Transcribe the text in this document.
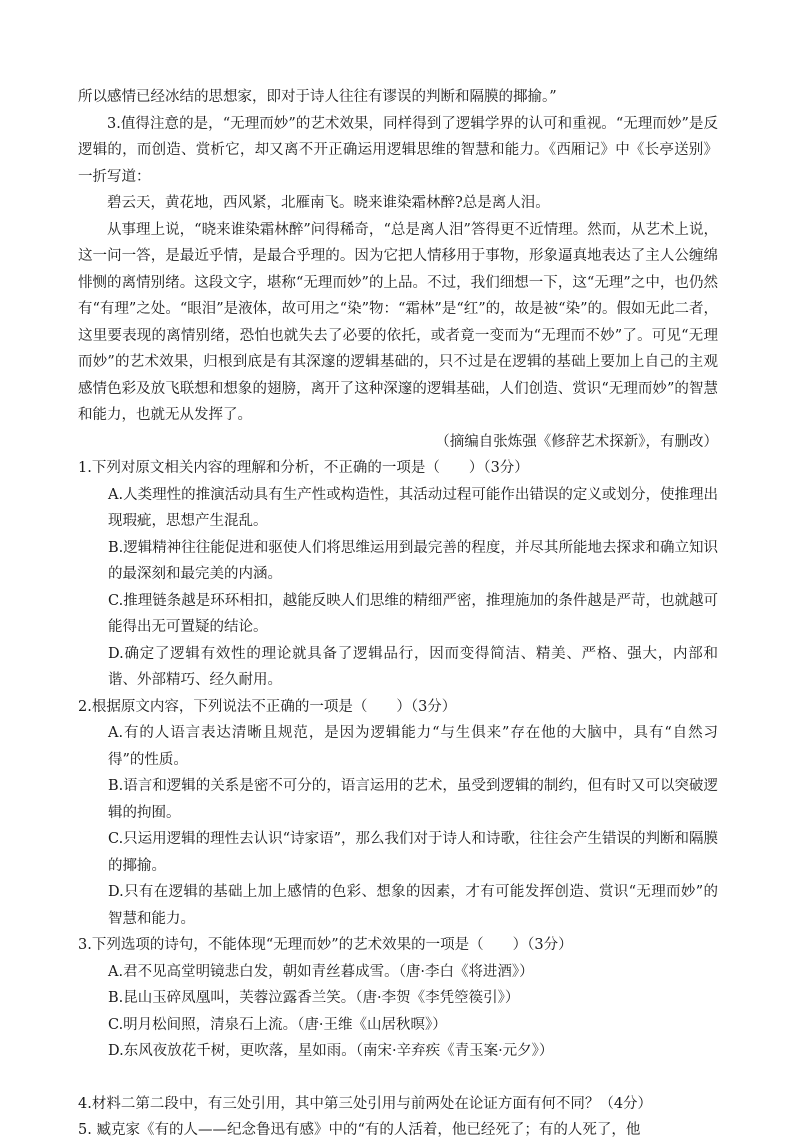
所以感情已经冰结的思想家，即对于诗人往往有谬误的判断和隔膜的揶揄。”

3.值得注意的是，“无理而妙”的艺术效果，同样得到了逻辑学界的认可和重视。“无理而妙”是反逻辑的，而创造、赏析它，却又离不开正确运用逻辑思维的智慧和能力。《西厢记》中《长亭送别》一折写道：

碧云天，黄花地，西风紧，北雁南飞。晓来谁染霜林醉?总是离人泪。

从事理上说，“晓来谁染霜林醉”问得稀奇，“总是离人泪”答得更不近情理。然而，从艺术上说，这一问一答，是最近乎情，是最合乎理的。因为它把人情移用于事物，形象逼真地表达了主人公缠绵悱恻的离情别绪。这段文字，堪称“无理而妙”的上品。不过，我们细想一下，这“无理”之中，也仍然有“有理”之处。“眼泪”是液体，故可用之“染”物：“霜林”是“红”的，故是被“染”的。假如无此二者，这里要表现的离情别绪，恐怕也就失去了必要的依托，或者竟一变而为“无理而不妙”了。可见“无理而妙”的艺术效果，归根到底是有其深邃的逻辑基础的，只不过是在逻辑的基础上要加上自己的主观感情色彩及放飞联想和想象的翅膀，离开了这种深邃的逻辑基础，人们创造、赏识“无理而妙”的智慧和能力，也就无从发挥了。

（摘编自张炼强《修辞艺术探新》，有删改）

1.下列对原文相关内容的理解和分析，不正确的一项是（　　）（3分）

A.人类理性的推演活动具有生产性或构造性，其活动过程可能作出错误的定义或划分，使推理出现瑕疵，思想产生混乱。

B.逻辑精神往往能促进和驱使人们将思维运用到最完善的程度，并尽其所能地去探求和确立知识的最深刻和最完美的内涵。

C.推理链条越是环环相扣，越能反映人们思维的精细严密，推理施加的条件越是严苛，也就越可能得出无可置疑的结论。

D.确定了逻辑有效性的理论就具备了逻辑品行，因而变得简洁、精美、严格、强大，内部和谐、外部精巧、经久耐用。

2.根据原文内容，下列说法不正确的一项是（　　）（3分）

A.有的人语言表达清晰且规范，是因为逻辑能力“与生俱来”存在他的大脑中，具有“自然习得”的性质。

B.语言和逻辑的关系是密不可分的，语言运用的艺术，虽受到逻辑的制约，但有时又可以突破逻辑的拘囿。

C.只运用逻辑的理性去认识“诗家语”，那么我们对于诗人和诗歌，往往会产生错误的判断和隔膜的揶揄。

D.只有在逻辑的基础上加上感情的色彩、想象的因素，才有可能发挥创造、赏识“无理而妙”的智慧和能力。

3.下列选项的诗句，不能体现“无理而妙”的艺术效果的一项是（　　）（3分）

A.君不见高堂明镜悲白发，朝如青丝暮成雪。（唐·李白《将进酒》）

B.昆山玉碎凤凰叫，芙蓉泣露香兰笑。（唐·李贺《李凭箜篌引》）

C.明月松间照，清泉石上流。（唐·王维《山居秋暝》）

D.东风夜放花千树，更吹落，星如雨。（南宋·辛弃疾《青玉案·元夕》）

4.材料二第二段中，有三处引用，其中第三处引用与前两处在论证方面有何不同？（4分）

5. 臧克家《有的人——纪念鲁迅有感》中的“有的人活着，他已经死了；有的人死了，他
